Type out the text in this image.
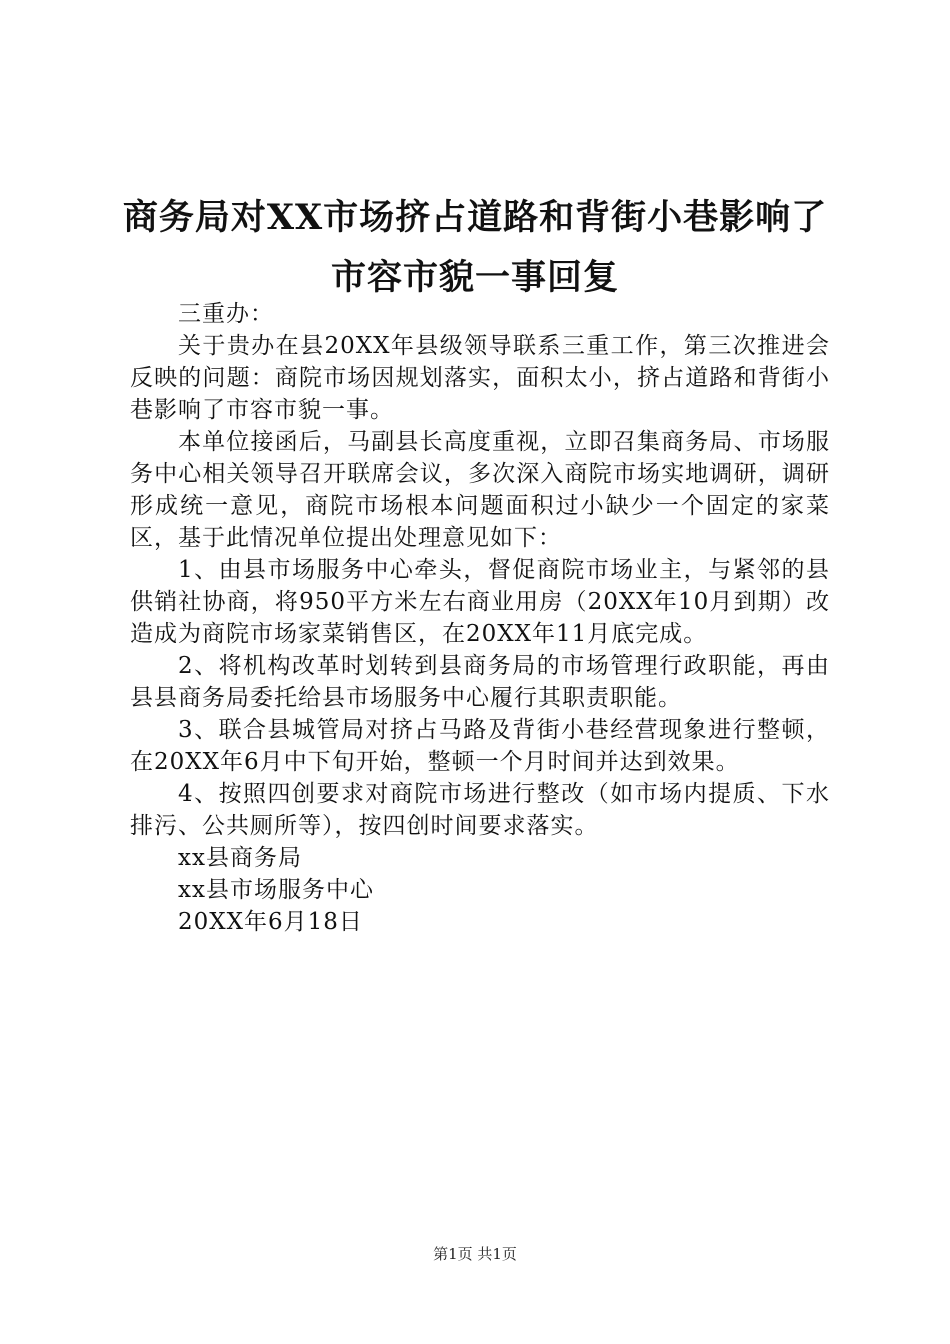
商务局对XX市场挤占道路和背街小巷影响了
市容市貌一事回复

三重办：

关于贵办在县20XX年县级领导联系三重工作，第三次推进会反映的问题：商院市场因规划落实，面积太小，挤占道路和背街小巷影响了市容市貌一事。

本单位接函后，马副县长高度重视，立即召集商务局、市场服务中心相关领导召开联席会议，多次深入商院市场实地调研，调研形成统一意见，商院市场根本问题面积过小缺少一个固定的家菜区，基于此情况单位提出处理意见如下：

1、由县市场服务中心牵头，督促商院市场业主，与紧邻的县供销社协商，将950平方米左右商业用房（20XX年10月到期）改造成为商院市场家菜销售区，在20XX年11月底完成。

2、将机构改革时划转到县商务局的市场管理行政职能，再由县县商务局委托给县市场服务中心履行其职责职能。

3、联合县城管局对挤占马路及背街小巷经营现象进行整顿，在20XX年6月中下旬开始，整顿一个月时间并达到效果。

4、按照四创要求对商院市场进行整改（如市场内提质、下水排污、公共厕所等），按四创时间要求落实。

xx县商务局
xx县市场服务中心
20XX年6月18日
第1页 共1页
